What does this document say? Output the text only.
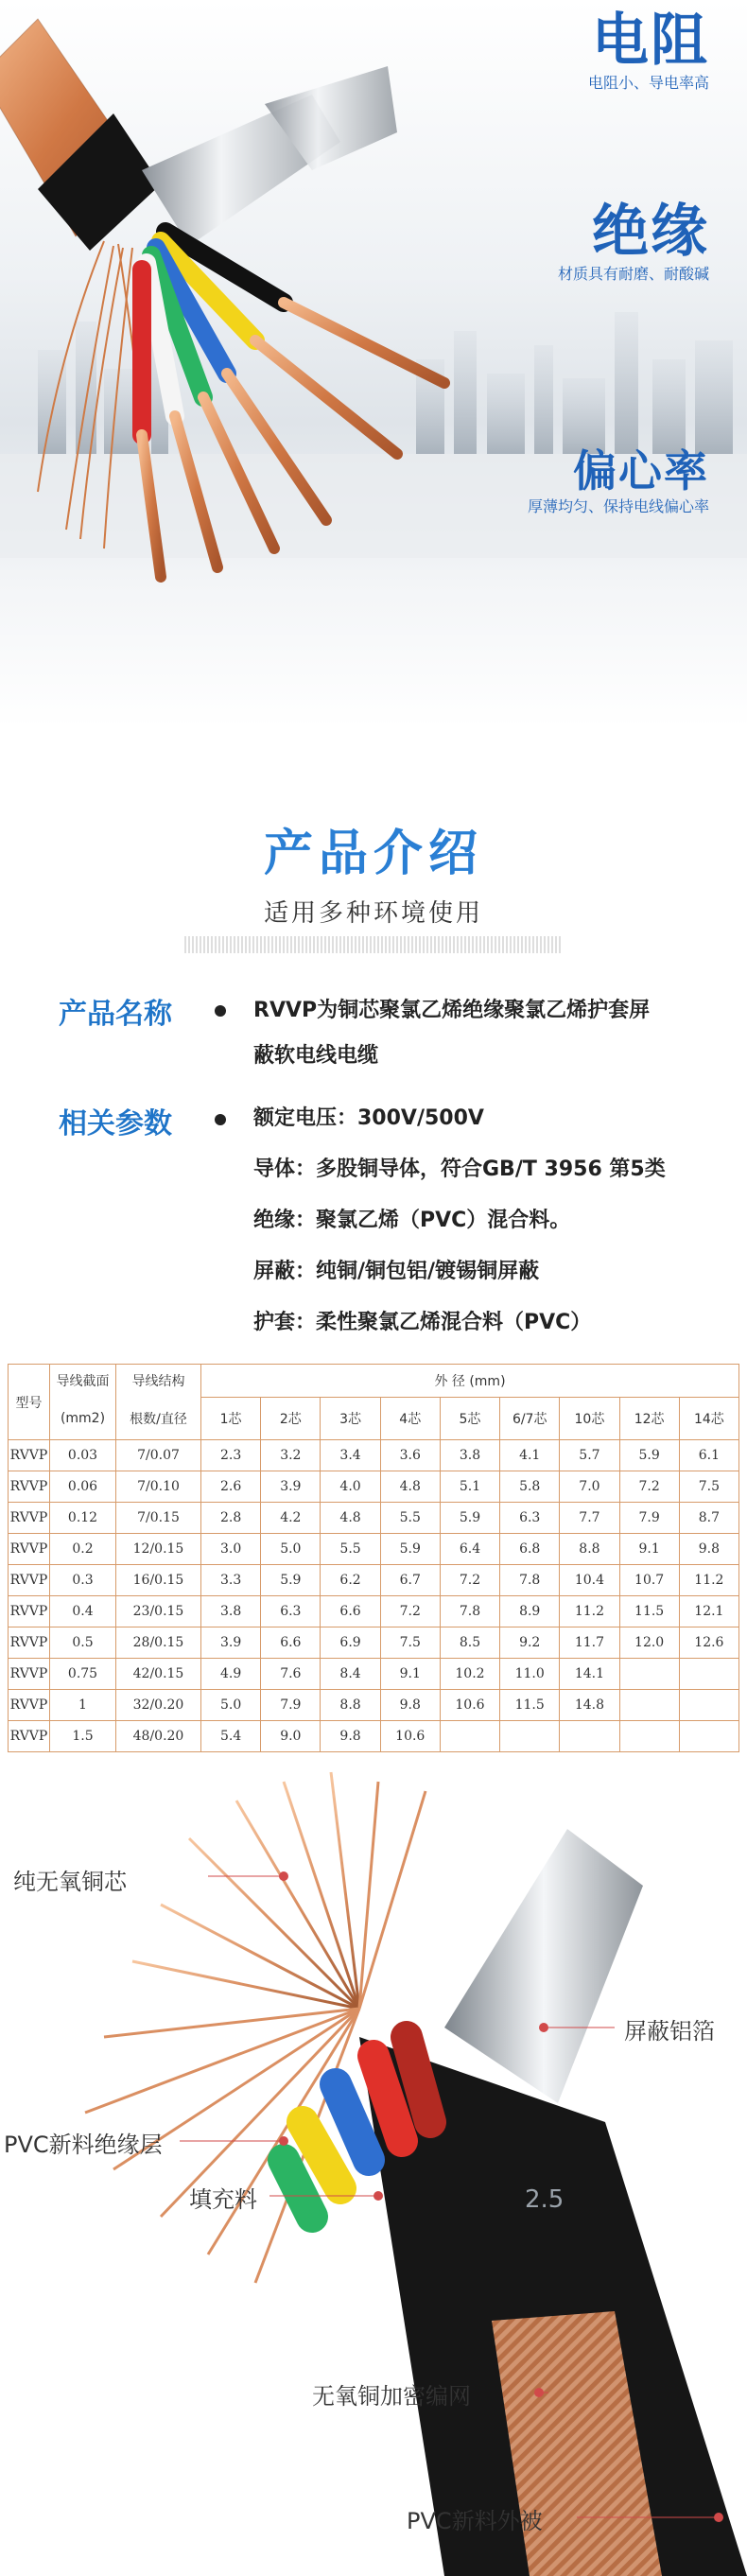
电阻
电阻小、导电率高
绝缘
材质具有耐磨、耐酸碱
偏心率
厚薄均匀、保持电线偏心率
产品介绍
适用多种环境使用
产品名称	RVVP为铜芯聚氯乙烯绝缘聚氯乙烯护套屏
蔽软电线电缆
相关参数	额定电压：300V/500V
导体：多股铜导体，符合GB/T 3956 第5类
绝缘：聚氯乙烯（PVC）混合料。
屏蔽：纯铜/铜包铝/镀锡铜屏蔽
护套：柔性聚氯乙烯混合料（PVC）
型号	导线截面	导线结构	外 径 (mm)								
	(mm2)	根数/直径	1芯	2芯	3芯	4芯	5芯	6/7芯	10芯	12芯	14芯
RVVP	0.03	7/0.07	2.3	3.2	3.4	3.6	3.8	4.1	5.7	5.9	6.1
RVVP	0.06	7/0.10	2.6	3.9	4.0	4.8	5.1	5.8	7.0	7.2	7.5
RVVP	0.12	7/0.15	2.8	4.2	4.8	5.5	5.9	6.3	7.7	7.9	8.7
RVVP	0.2	12/0.15	3.0	5.0	5.5	5.9	6.4	6.8	8.8	9.1	9.8
RVVP	0.3	16/0.15	3.3	5.9	6.2	6.7	7.2	7.8	10.4	10.7	11.2
RVVP	0.4	23/0.15	3.8	6.3	6.6	7.2	7.8	8.9	11.2	11.5	12.1
RVVP	0.5	28/0.15	3.9	6.6	6.9	7.5	8.5	9.2	11.7	12.0	12.6
RVVP	0.75	42/0.15	4.9	7.6	8.4	9.1	10.2	11.0	14.1		
RVVP	1	32/0.20	5.0	7.9	8.8	9.8	10.6	11.5	14.8		
RVVP	1.5	48/0.20	5.4	9.0	9.8	10.6					
2.5
纯无氧铜芯
屏蔽铝箔
PVC新料绝缘层
填充料
无氧铜加密编网
PVC新料外被
